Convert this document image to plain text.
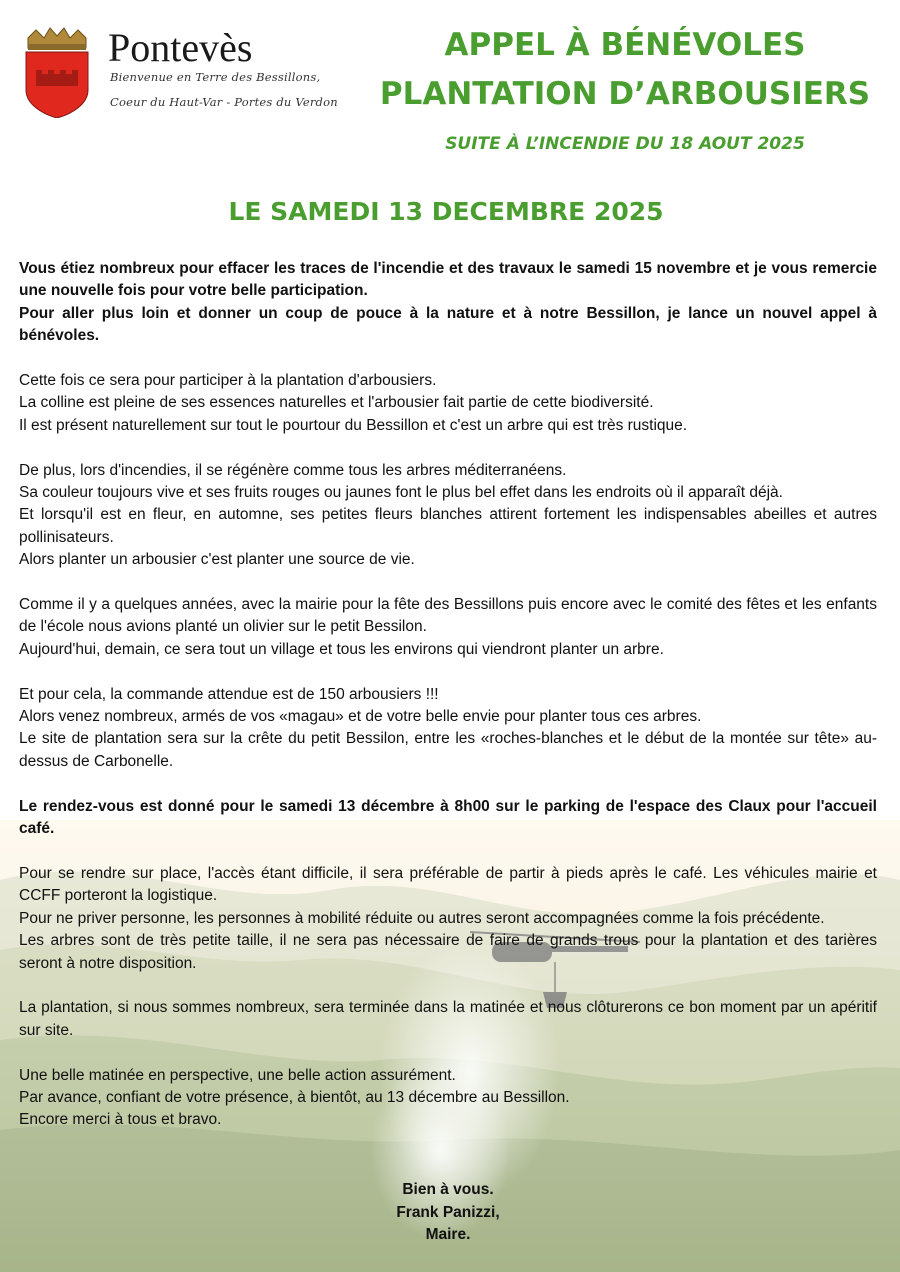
Pontevès
Bienvenue en Terre des Bessillons,
Coeur du Haut-Var - Portes du Verdon
APPEL À BÉNÉVOLES
PLANTATION D’ARBOUSIERS
SUITE À L’INCENDIE DU 18 AOUT 2025
LE SAMEDI 13 DECEMBRE 2025

Vous étiez nombreux pour effacer les traces de l'incendie et des travaux le samedi 15 novembre et je vous remercie une nouvelle fois pour votre belle participation.

Pour aller plus loin et donner un coup de pouce à la nature et à notre Bessillon, je lance un nouvel appel à bénévoles.

Cette fois ce sera pour participer à la plantation d'arbousiers.

La colline est pleine de ses essences naturelles et l'arbousier fait partie de cette biodiversité.

Il est présent naturellement sur tout le pourtour du Bessillon et c'est un arbre qui est très rustique.

De plus, lors d'incendies, il se régénère comme tous les arbres méditerranéens.

Sa couleur toujours vive et ses fruits rouges ou jaunes font le plus bel effet dans les endroits où il apparaît déjà.

Et lorsqu'il est en fleur, en automne, ses petites fleurs blanches attirent fortement les indispensables abeilles et autres pollinisateurs.

Alors planter un arbousier c'est planter une source de vie.

Comme il y a quelques années, avec la mairie pour la fête des Bessillons puis encore avec le comité des fêtes et les enfants de l'école nous avions planté un olivier sur le petit Bessilon.

Aujourd'hui, demain, ce sera tout un village et tous les environs qui viendront planter un arbre.

Et pour cela, la commande attendue est de 150 arbousiers !!!

Alors venez nombreux, armés de vos «magau» et de votre belle envie pour planter tous ces arbres.

Le site de plantation sera sur la crête du petit Bessilon, entre les «roches-blanches et le début de la montée sur tête» au-dessus de Carbonelle.

Le rendez-vous est donné pour le samedi 13 décembre à 8h00 sur le parking de l'espace des Claux pour l'accueil café.

Pour se rendre sur place, l'accès étant difficile, il sera préférable de partir à pieds après le café. Les véhicules mairie et CCFF porteront la logistique.

Pour ne priver personne, les personnes à mobilité réduite ou autres seront accompagnées comme la fois précédente.

Les arbres sont de très petite taille, il ne sera pas nécessaire de faire de grands trous pour la plantation et des tarières seront à notre disposition.

La plantation, si nous sommes nombreux, sera terminée dans la matinée et nous clôturerons ce bon moment par un apéritif sur site.

Une belle matinée en perspective, une belle action assurément.

Par avance, confiant de votre présence, à bientôt, au 13 décembre au Bessillon.

Encore merci à tous et bravo.

Bien à vous.
Frank Panizzi,
Maire.
